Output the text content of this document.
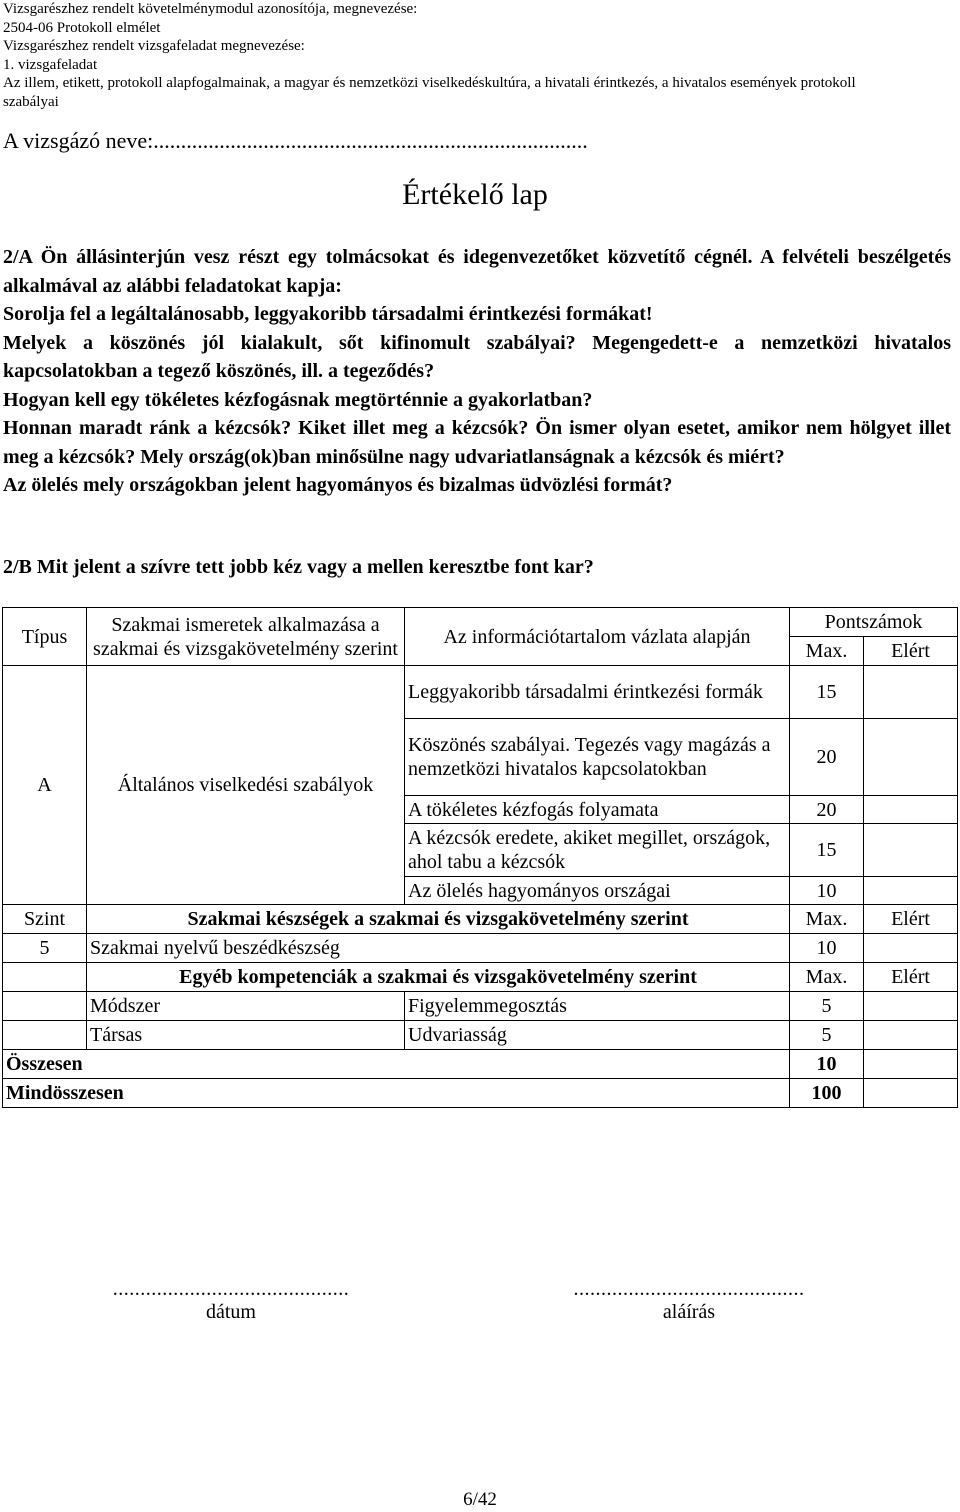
Vizsgarészhez rendelt követelménymodul azonosítója, megnevezése:
2504-06 Protokoll elmélet
Vizsgarészhez rendelt vizsgafeladat megnevezése:
1. vizsgafeladat
Az illem, etikett, protokoll alapfogalmainak, a magyar és nemzetközi viselkedéskultúra, a hivatali érintkezés, a hivatalos események protokoll
szabályai
A vizsgázó neve:...............................................................................
Értékelő lap

2/A Ön állásinterjún vesz részt egy tolmácsokat és idegenvezetőket közvetítő cégnél. A felvételi beszélgetés alkalmával az alábbi feladatokat kapja:

Sorolja fel a legáltalánosabb, leggyakoribb társadalmi érintkezési formákat!

Melyek a köszönés jól kialakult, sőt kifinomult szabályai? Megengedett-e a nemzetközi hivatalos kapcsolatokban a tegező köszönés, ill. a tegeződés?

Hogyan kell egy tökéletes kézfogásnak megtörténnie a gyakorlatban?

Honnan maradt ránk a kézcsók? Kiket illet meg a kézcsók? Ön ismer olyan esetet, amikor nem hölgyet illet meg a kézcsók? Mely ország(ok)ban minősülne nagy udvariatlanságnak a kézcsók és miért?

Az ölelés mely országokban jelent hagyományos és bizalmas üdvözlési formát?

2/B Mit jelent a szívre tett jobb kéz vagy a mellen keresztbe font kar?
Típus	Szakmai ismeretek alkalmazása a szakmai és vizsgakövetelmény szerint	Az információtartalom vázlata alapján	Pontszámok	
			Max.	Elért
A	Általános viselkedési szabályok	Leggyakoribb társadalmi érintkezési formák	15	
		Köszönés szabályai. Tegezés vagy magázás a nemzetközi hivatalos kapcsolatokban	20	
		A tökéletes kézfogás folyamata	20	
		A kézcsók eredete, akiket megillet, országok, ahol tabu a kézcsók	15	
		Az ölelés hagyományos országai	10	
Szint	Szakmai készségek a szakmai és vizsgakövetelmény szerint		Max.	Elért
5	Szakmai nyelvű beszédkészség		10	
	Egyéb kompetenciák a szakmai és vizsgakövetelmény szerint		Max.	Elért
	Módszer	Figyelemmegosztás	5	
	Társas	Udvariasság	5	
Összesen			10	
Mindösszesen			100	
...........................................
dátum
..........................................
aláírás
6/42
